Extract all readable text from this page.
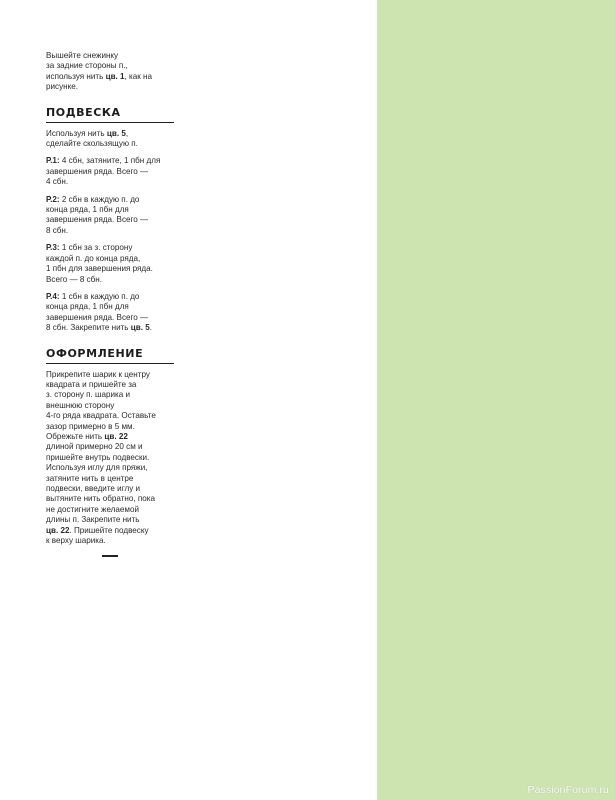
Вышейте снежинку
за задние стороны п.,
используя нить цв. 1, как на
рисунке.

ПОДВЕСКА

Используя нить цв. 5,
сделайте скользящую п.

Р.1: 4 сбн, затяните, 1 пбн для
завершения ряда. Всего —
4 сбн.

Р.2: 2 сбн в каждую п. до
конца ряда, 1 пбн для
завершения ряда. Всего —
8 сбн.

Р.3: 1 сбн за з. сторону
каждой п. до конца ряда,
1 пбн для завершения ряда.
Всего — 8 сбн.

Р.4: 1 сбн в каждую п. до
конца ряда, 1 пбн для
завершения ряда. Всего —
8 сбн. Закрепите нить цв. 5.

ОФОРМЛЕНИЕ

Прикрепите шарик к центру
квадрата и пришейте за
з. сторону п. шарика и
внешнюю сторону
4-го ряда квадрата. Оставьте
зазор примерно в 5 мм.
Обрежьте нить цв. 22
длиной примерно 20 см и
пришейте внутрь подвески.
Используя иглу для пряжи,
затяните нить в центре
подвески, введите иглу и
вытяните нить обратно, пока
не достигните желаемой
длины п. Закрепите нить
цв. 22. Пришейте подвеску
к верху шарика.

PassionForum.ru
